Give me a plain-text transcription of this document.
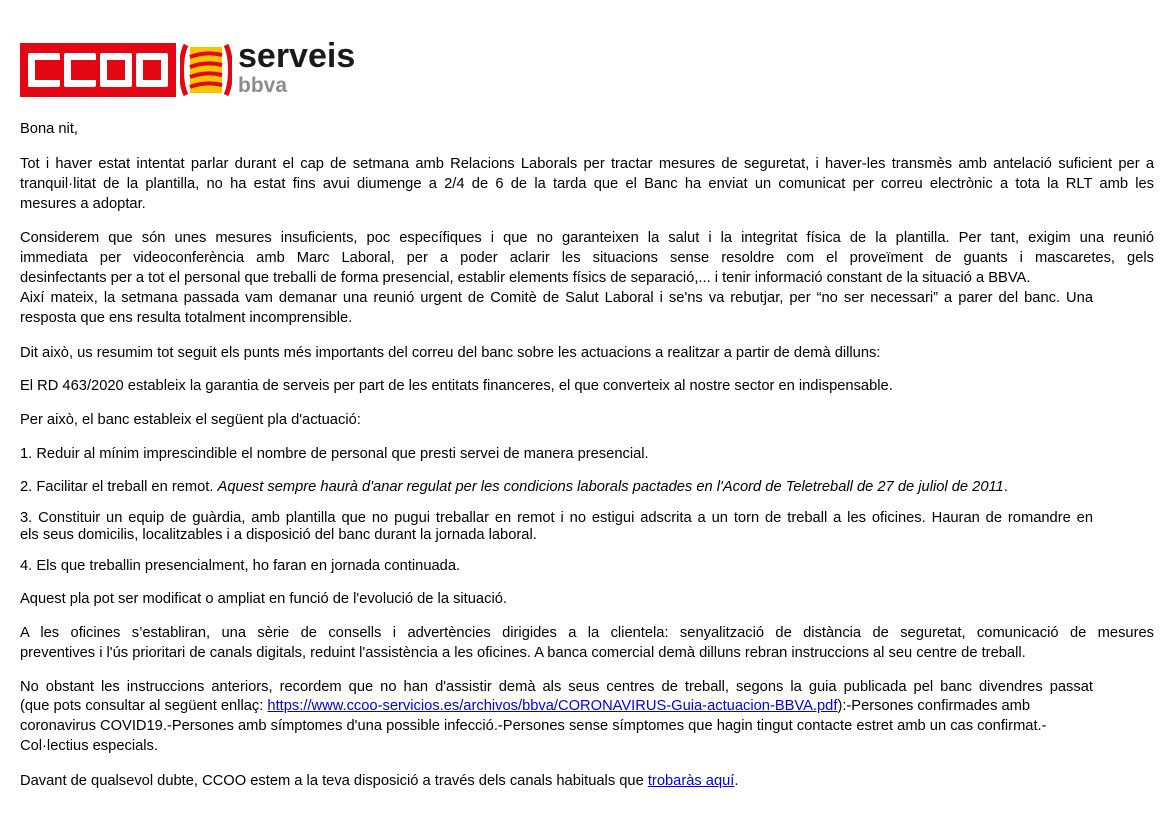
serveis
bbva
Bona nit,
Tot i haver estat intentat parlar durant el cap de setmana amb Relacions Laborals per tractar mesures de seguretat, i haver-les transmès amb antelació suficient per a
tranquil·litat de la plantilla, no ha estat fins avui diumenge a 2/4 de 6 de la tarda que el Banc ha enviat un comunicat per correu electrònic a tota la RLT amb les
mesures a adoptar.
Considerem que són unes mesures insuficients, poc específiques i que no garanteixen la salut i la integritat física de la plantilla. Per tant, exigim una reunió
immediata per videoconferència amb Marc Laboral, per a poder aclarir les situacions sense resoldre com el proveïment de guants i mascaretes, gels
desinfectants per a tot el personal que treballi de forma presencial, establir elements físics de separació,... i tenir informació constant de la situació a BBVA.
Així mateix, la setmana passada vam demanar una reunió urgent de Comitè de Salut Laboral i se'ns va rebutjar, per “no ser necessari” a parer del banc. Una
resposta que ens resulta totalment incomprensible.
Dit això, us resumim tot seguit els punts més importants del correu del banc sobre les actuacions a realitzar a partir de demà dilluns:
El RD 463/2020 estableix la garantia de serveis per part de les entitats financeres, el que converteix al nostre sector en indispensable.
Per això, el banc estableix el següent pla d'actuació:
1. Reduir al mínim imprescindible el nombre de personal que presti servei de manera presencial.
2. Facilitar el treball en remot. Aquest sempre haurà d'anar regulat per les condicions laborals pactades en l'Acord de Teletreball de 27 de juliol de 2011.
3. Constituir un equip de guàrdia, amb plantilla que no pugui treballar en remot i no estigui adscrita a un torn de treball a les oficines. Hauran de romandre en
els seus domicilis, localitzables i a disposició del banc durant la jornada laboral.
4. Els que treballin presencialment, ho faran en jornada continuada.
Aquest pla pot ser modificat o ampliat en funció de l'evolució de la situació.
A les oficines s’establiran, una sèrie de consells i advertències dirigides a la clientela: senyalització de distància de seguretat, comunicació de mesures
preventives i l'ús prioritari de canals digitals, reduint l'assistència a les oficines. A banca comercial demà dilluns rebran instruccions al seu centre de treball.
No obstant les instruccions anteriors, recordem que no han d'assistir demà als seus centres de treball, segons la guia publicada pel banc divendres passat
(que pots consultar al següent enllaç: https://www.ccoo-servicios.es/archivos/bbva/CORONAVIRUS-Guia-actuacion-BBVA.pdf):-Persones confirmades amb
coronavirus COVID19.-Persones amb símptomes d'una possible infecció.-Persones sense símptomes que hagin tingut contacte estret amb un cas confirmat.-
Col·lectius especials.
Davant de qualsevol dubte, CCOO estem a la teva disposició a través dels canals habituals que trobaràs aquí.
